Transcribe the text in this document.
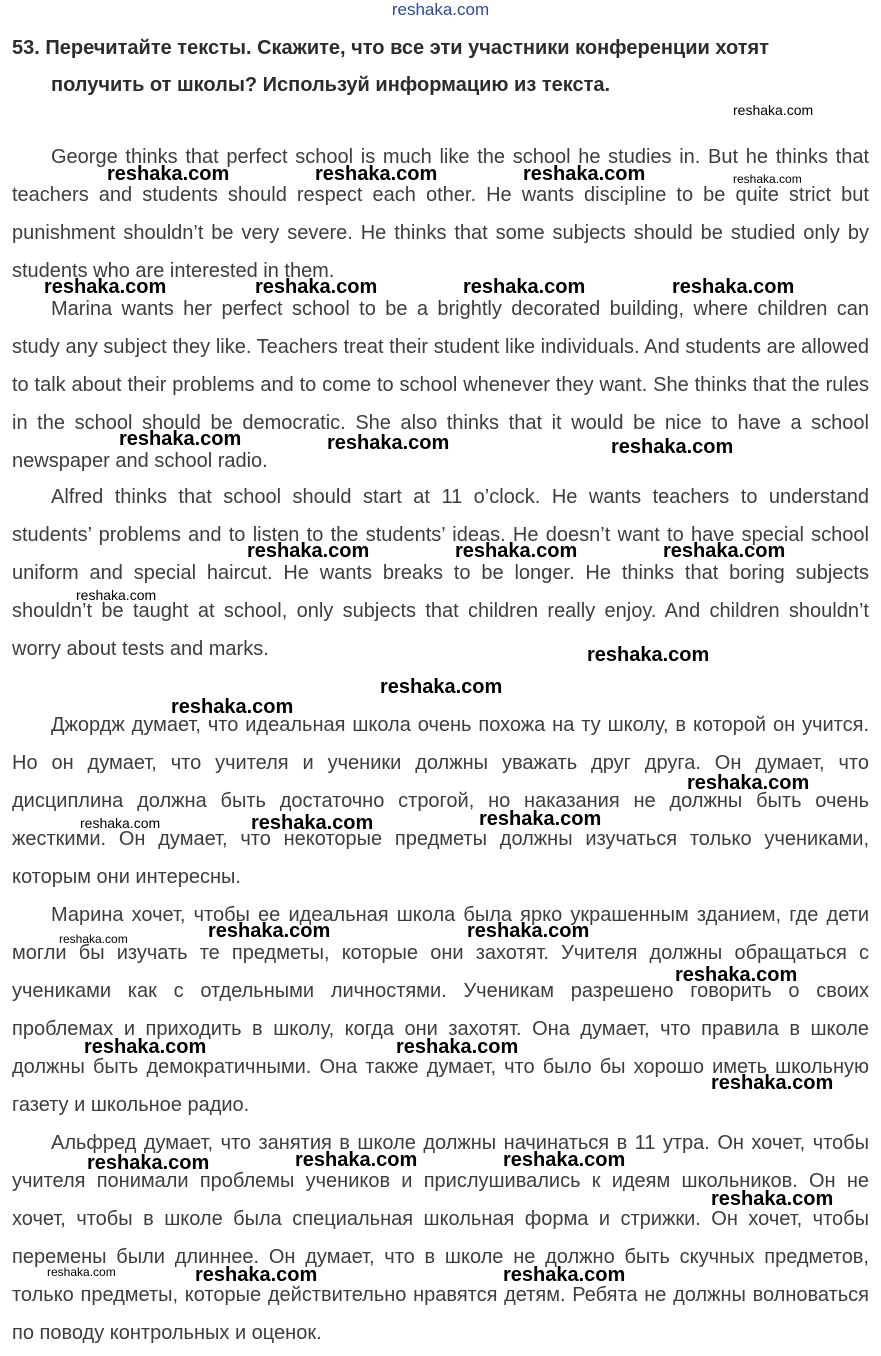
reshaka.com
53. Перечитайте тексты. Скажите, что все эти участники конференции хотят
получить от школы? Используй информацию из текста.

George thinks that perfect school is much like the school he studies in. But he thinks that teachers and students should respect each other. He wants discipline to be quite strict but punishment shouldn’t be very severe. He thinks that some subjects should be studied only by students who are interested in them.

Marina wants her perfect school to be a brightly decorated building, where children can study any subject they like. Teachers treat their student like individuals. And students are allowed to talk about their problems and to come to school whenever they want. She thinks that the rules in the school should be democratic. She also thinks that it would be nice to have a school newspaper and school radio.

Alfred thinks that school should start at 11 o’clock. He wants teachers to understand students’ problems and to listen to the students’ ideas. He doesn’t want to have special school uniform and special haircut. He wants breaks to be longer. He thinks that boring subjects shouldn’t be taught at school, only subjects that children really enjoy. And children shouldn’t worry about tests and marks.

Джордж думает, что идеальная школа очень похожа на ту школу, в которой он учится. Но он думает, что учителя и ученики должны уважать друг друга. Он думает, что дисциплина должна быть достаточно строгой, но наказания не должны быть очень жесткими. Он думает, что некоторые предметы должны изучаться только учениками, которым они интересны.

Марина хочет, чтобы ее идеальная школа была ярко украшенным зданием, где дети могли бы изучать те предметы, которые они захотят. Учителя должны обращаться с учениками как с отдельными личностями. Ученикам разрешено говорить о своих проблемах и приходить в школу, когда они захотят. Она думает, что правила в школе должны быть демократичными. Она также думает, что было бы хорошо иметь школьную газету и школьное радио.

Альфред думает, что занятия в школе должны начинаться в 11 утра. Он хочет, чтобы учителя понимали проблемы учеников и прислушивались к идеям школьников. Он не хочет, чтобы в школе была специальная школьная форма и стрижки. Он хочет, чтобы перемены были длиннее. Он думает, что в школе не должно быть скучных предметов, только предметы, которые действительно нравятся детям. Ребята не должны волноваться по поводу контрольных и оценок.

reshaka.com
reshaka.com	reshaka.com	reshaka.com	reshaka.com
reshaka.com	reshaka.com	reshaka.com	reshaka.com
reshaka.com	reshaka.com	reshaka.com
reshaka.com	reshaka.com	reshaka.com
reshaka.com
reshaka.com
reshaka.com
reshaka.com
reshaka.com
reshaka.com
reshaka.com	reshaka.com
reshaka.com	reshaka.com
reshaka.com
reshaka.com
reshaka.com	reshaka.com
reshaka.com
reshaka.com	reshaka.com	reshaka.com
reshaka.com
reshaka.com	reshaka.com	reshaka.com
